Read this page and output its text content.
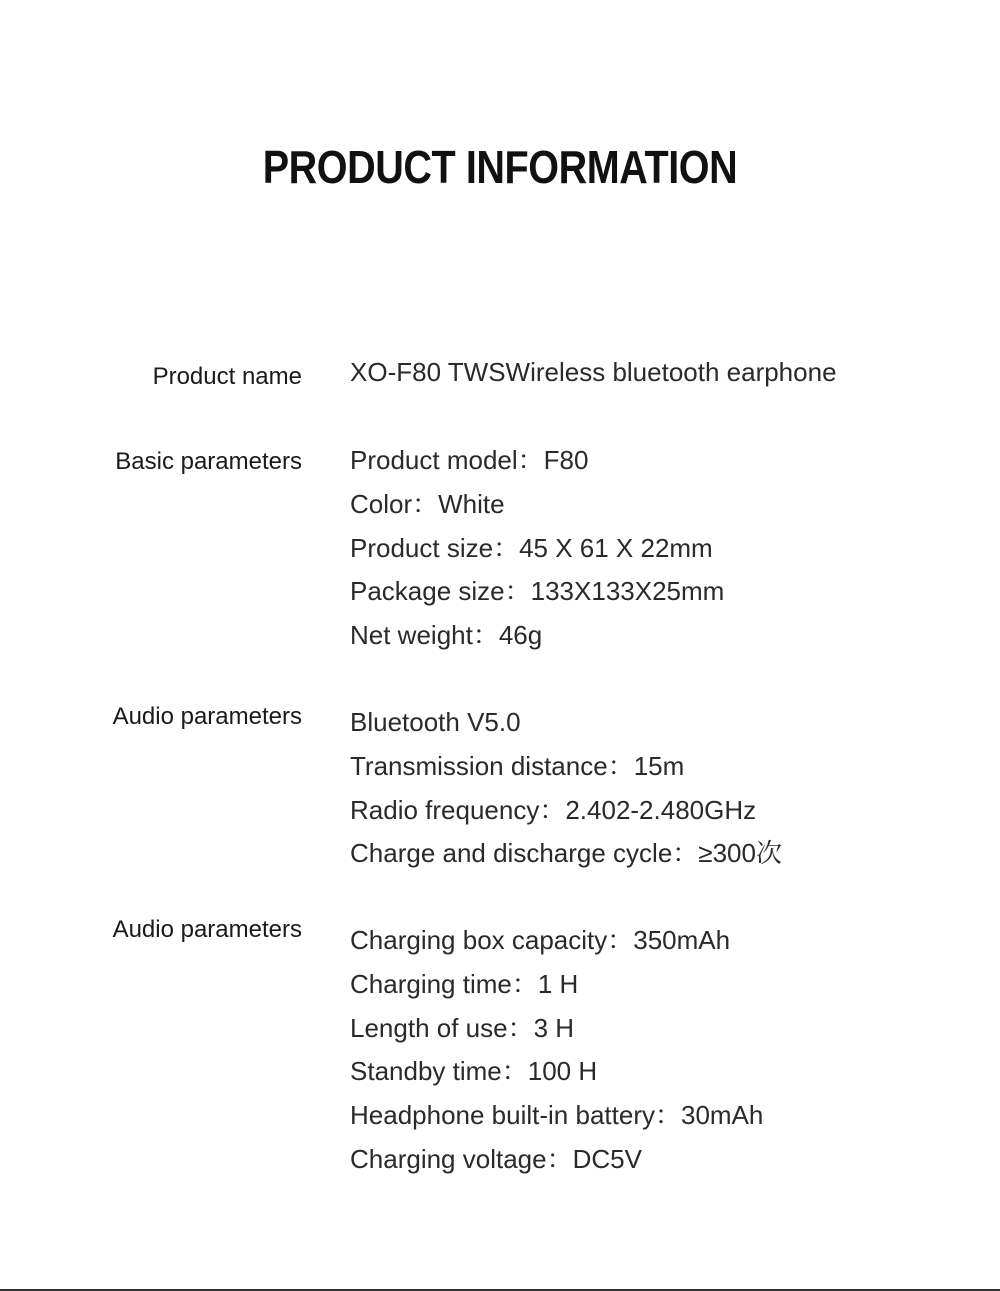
PRODUCT INFORMATION
Product name XO-F80 TWSWireless bluetooth earphone
Basic parameters Product model：F80
Color：White
Product size：45 X 61 X 22mm
Package size：133X133X25mm
Net weight：46g
Audio parameters Bluetooth V5.0
Transmission distance：15m
Radio frequency：2.402-2.480GHz
Charge and discharge cycle：≥300次
Audio parameters Charging box capacity：350mAh
Charging time：1 H
Length of use：3 H
Standby time：100 H
Headphone built-in battery：30mAh
Charging voltage：DC5V
